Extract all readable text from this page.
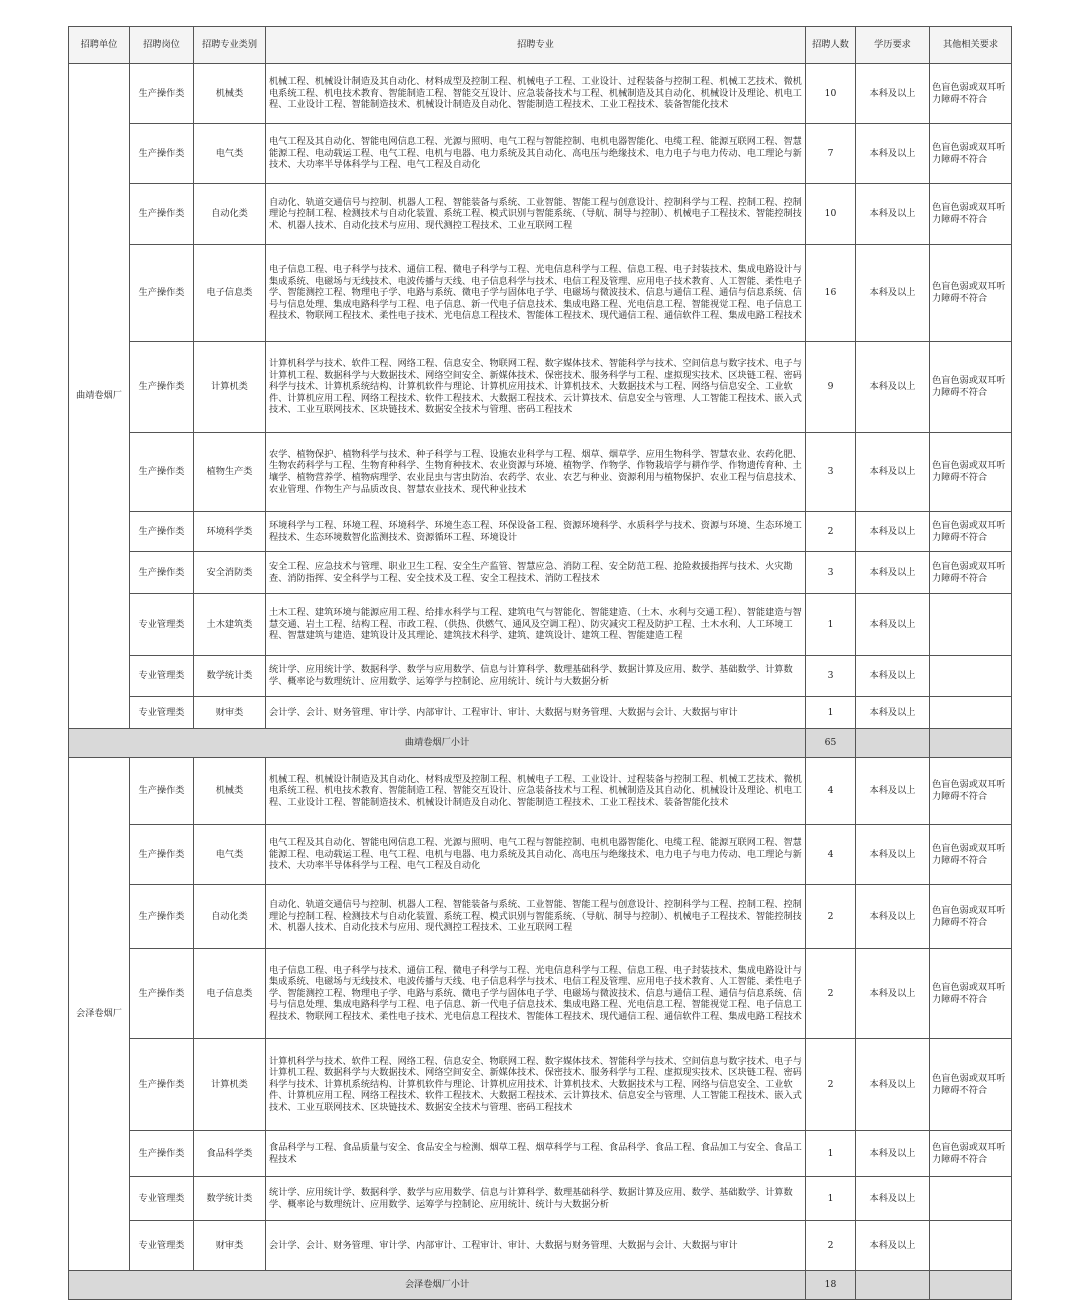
招聘单位	招聘岗位	招聘专业类别	招聘专业	招聘人数	学历要求	其他相关要求
曲靖卷烟厂	生产操作类	机械类	机械工程、机械设计制造及其自动化、材料成型及控制工程、机械电子工程、工业设计、过程装备与控制工程、机械工艺技术、微机电系统工程、机电技术教育、智能制造工程、智能交互设计、应急装备技术与工程、机械制造及其自动化、机械设计及理论、机电工程、工业设计工程、智能制造技术、机械设计制造及自动化、智能制造工程技术、工业工程技术、装备智能化技术	10	本科及以上	色盲色弱或双耳听力障碍不符合
	生产操作类	电气类	电气工程及其自动化、智能电网信息工程、光源与照明、电气工程与智能控制、电机电器智能化、电缆工程、能源互联网工程、智慧能源工程、电动载运工程、电气工程、电机与电器、电力系统及其自动化、高电压与绝缘技术、电力电子与电力传动、电工理论与新技术、大功率半导体科学与工程、电气工程及自动化	7	本科及以上	色盲色弱或双耳听力障碍不符合
	生产操作类	自动化类	自动化、轨道交通信号与控制、机器人工程、智能装备与系统、工业智能、智能工程与创意设计、控制科学与工程、控制工程、控制理论与控制工程、检测技术与自动化装置、系统工程、模式识别与智能系统、（导航、制导与控制）、机械电子工程技术、智能控制技术、机器人技术、自动化技术与应用、现代测控工程技术、工业互联网工程	10	本科及以上	色盲色弱或双耳听力障碍不符合
	生产操作类	电子信息类	电子信息工程、电子科学与技术、通信工程、微电子科学与工程、光电信息科学与工程、信息工程、电子封装技术、集成电路设计与集成系统、电磁场与无线技术、电波传播与天线、电子信息科学与技术、电信工程及管理、应用电子技术教育、人工智能、柔性电子学、智能测控工程、物理电子学、电路与系统、微电子学与固体电子学、电磁场与微波技术、信息与通信工程、通信与信息系统、信号与信息处理、集成电路科学与工程、电子信息、新一代电子信息技术、集成电路工程、光电信息工程、智能视觉工程、电子信息工程技术、物联网工程技术、柔性电子技术、光电信息工程技术、智能体工程技术、现代通信工程、通信软件工程、集成电路工程技术	16	本科及以上	色盲色弱或双耳听力障碍不符合
	生产操作类	计算机类	计算机科学与技术、软件工程、网络工程、信息安全、物联网工程、数字媒体技术、智能科学与技术、空间信息与数字技术、电子与计算机工程、数据科学与大数据技术、网络空间安全、新媒体技术、保密技术、服务科学与工程、虚拟现实技术、区块链工程、密码科学与技术、计算机系统结构、计算机软件与理论、计算机应用技术、计算机技术、大数据技术与工程、网络与信息安全、工业软件、计算机应用工程、网络工程技术、软件工程技术、大数据工程技术、云计算技术、信息安全与管理、人工智能工程技术、嵌入式技术、工业互联网技术、区块链技术、数据安全技术与管理、密码工程技术	9	本科及以上	色盲色弱或双耳听力障碍不符合
	生产操作类	植物生产类	农学、植物保护、植物科学与技术、种子科学与工程、设施农业科学与工程、烟草、烟草学、应用生物科学、智慧农业、农药化肥、生物农药科学与工程、生物育种科学、生物育种技术、农业资源与环境、植物学、作物学、作物栽培学与耕作学、作物遗传育种、土壤学、植物营养学、植物病理学、农业昆虫与害虫防治、农药学、农业、农艺与种业、资源利用与植物保护、农业工程与信息技术、农业管理、作物生产与品质改良、智慧农业技术、现代种业技术	3	本科及以上	色盲色弱或双耳听力障碍不符合
	生产操作类	环境科学类	环境科学与工程、环境工程、环境科学、环境生态工程、环保设备工程、资源环境科学、水质科学与技术、资源与环境、生态环境工程技术、生态环境数智化监测技术、资源循环工程、环境设计	2	本科及以上	色盲色弱或双耳听力障碍不符合
	生产操作类	安全消防类	安全工程、应急技术与管理、职业卫生工程、安全生产监管、智慧应急、消防工程、安全防范工程、抢险救援指挥与技术、火灾勘查、消防指挥、安全科学与工程、安全技术及工程、安全工程技术、消防工程技术	3	本科及以上	色盲色弱或双耳听力障碍不符合
	专业管理类	土木建筑类	土木工程、建筑环境与能源应用工程、给排水科学与工程、建筑电气与智能化、智能建造、（土木、水利与交通工程）、智能建造与智慧交通、岩土工程、结构工程、市政工程、（供热、供燃气、通风及空调工程）、防灾减灾工程及防护工程、土木水利、人工环境工程、智慧建筑与建造、建筑设计及其理论、建筑技术科学、建筑、建筑设计、建筑工程、智能建造工程	1	本科及以上	
	专业管理类	数学统计类	统计学、应用统计学、数据科学、数学与应用数学、信息与计算科学、数理基础科学、数据计算及应用、数学、基础数学、计算数学、概率论与数理统计、应用数学、运筹学与控制论、应用统计、统计与大数据分析	3	本科及以上	
	专业管理类	财审类	会计学、会计、财务管理、审计学、内部审计、工程审计、审计、大数据与财务管理、大数据与会计、大数据与审计	1	本科及以上	
曲靖卷烟厂小计				65		
会泽卷烟厂	生产操作类	机械类	机械工程、机械设计制造及其自动化、材料成型及控制工程、机械电子工程、工业设计、过程装备与控制工程、机械工艺技术、微机电系统工程、机电技术教育、智能制造工程、智能交互设计、应急装备技术与工程、机械制造及其自动化、机械设计及理论、机电工程、工业设计工程、智能制造技术、机械设计制造及自动化、智能制造工程技术、工业工程技术、装备智能化技术	4	本科及以上	色盲色弱或双耳听力障碍不符合
	生产操作类	电气类	电气工程及其自动化、智能电网信息工程、光源与照明、电气工程与智能控制、电机电器智能化、电缆工程、能源互联网工程、智慧能源工程、电动载运工程、电气工程、电机与电器、电力系统及其自动化、高电压与绝缘技术、电力电子与电力传动、电工理论与新技术、大功率半导体科学与工程、电气工程及自动化	4	本科及以上	色盲色弱或双耳听力障碍不符合
	生产操作类	自动化类	自动化、轨道交通信号与控制、机器人工程、智能装备与系统、工业智能、智能工程与创意设计、控制科学与工程、控制工程、控制理论与控制工程、检测技术与自动化装置、系统工程、模式识别与智能系统、（导航、制导与控制）、机械电子工程技术、智能控制技术、机器人技术、自动化技术与应用、现代测控工程技术、工业互联网工程	2	本科及以上	色盲色弱或双耳听力障碍不符合
	生产操作类	电子信息类	电子信息工程、电子科学与技术、通信工程、微电子科学与工程、光电信息科学与工程、信息工程、电子封装技术、集成电路设计与集成系统、电磁场与无线技术、电波传播与天线、电子信息科学与技术、电信工程及管理、应用电子技术教育、人工智能、柔性电子学、智能测控工程、物理电子学、电路与系统、微电子学与固体电子学、电磁场与微波技术、信息与通信工程、通信与信息系统、信号与信息处理、集成电路科学与工程、电子信息、新一代电子信息技术、集成电路工程、光电信息工程、智能视觉工程、电子信息工程技术、物联网工程技术、柔性电子技术、光电信息工程技术、智能体工程技术、现代通信工程、通信软件工程、集成电路工程技术	2	本科及以上	色盲色弱或双耳听力障碍不符合
	生产操作类	计算机类	计算机科学与技术、软件工程、网络工程、信息安全、物联网工程、数字媒体技术、智能科学与技术、空间信息与数字技术、电子与计算机工程、数据科学与大数据技术、网络空间安全、新媒体技术、保密技术、服务科学与工程、虚拟现实技术、区块链工程、密码科学与技术、计算机系统结构、计算机软件与理论、计算机应用技术、计算机技术、大数据技术与工程、网络与信息安全、工业软件、计算机应用工程、网络工程技术、软件工程技术、大数据工程技术、云计算技术、信息安全与管理、人工智能工程技术、嵌入式技术、工业互联网技术、区块链技术、数据安全技术与管理、密码工程技术	2	本科及以上	色盲色弱或双耳听力障碍不符合
	生产操作类	食品科学类	食品科学与工程、食品质量与安全、食品安全与检测、烟草工程、烟草科学与工程、食品科学、食品工程、食品加工与安全、食品工程技术	1	本科及以上	色盲色弱或双耳听力障碍不符合
	专业管理类	数学统计类	统计学、应用统计学、数据科学、数学与应用数学、信息与计算科学、数理基础科学、数据计算及应用、数学、基础数学、计算数学、概率论与数理统计、应用数学、运筹学与控制论、应用统计、统计与大数据分析	1	本科及以上	
	专业管理类	财审类	会计学、会计、财务管理、审计学、内部审计、工程审计、审计、大数据与财务管理、大数据与会计、大数据与审计	2	本科及以上	
会泽卷烟厂小计				18		
